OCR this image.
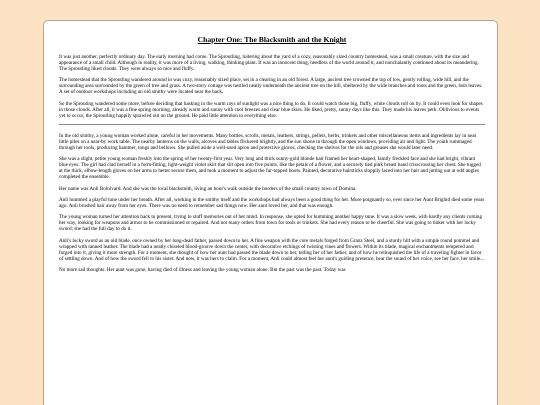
Chapter One: The Blacksmith and the Knight

It was just another, perfectly ordinary day. The early morning had come. The Sproutling, loitering about the yard of a cozy, reasonably sized country homestead, was a small creature, with the size and appearance of a small child. Although in reality, it was more of a living, walking, thinking plant. It was an innocent thing, heedless of the world around it, and nonchalantly continued about its meandering. The Sproutling liked clouds. They were always so nice and fluffy.

The homestead that the Sproutling wandered around in was cozy, reasonably sized place, set in a clearing in an old forest. A large, ancient tree crowned the top of low, gently rolling, wide hill, and the surrounding area surrounded by the green of tree and grass. A two-story cottage was nestled neatly underneath the ancient tree on the hill, sheltered by the wide branches and roots and the green, lush leaves. A set of outdoor workshops including an old smithy were located near the back.

So the Sprouting wandered some more, before deciding that basking in the warm rays of sunlight was a nice thing to do. It could watch those big, fluffy, white clouds roll on by. It could even look for shapes in those clouds. After all, it was a fine spring morning, already warm and sunny with cool breezes and clear blue skies. He liked, pretty, sunny days like this. They made his leaves perk. Oblivious to events yet to occur, the Sproutling happily sprawled out on the ground. He paid little attention to everything else.

In the old smithy, a young woman worked alone, careful in her movements. Many bottles, scrolls, metals, leathers, strings, pellets, herbs, trinkets and other miscellaneous items and ingredients lay in neat little piles on a near-by work table. The nearby lanterns on the walls, alcoves and tables flickered brightly, and the sun shone in through the open windows, providing air and light. The youth rummaged through her tools, producing hammer, tongs and bellows. She pulled aside a well-used apron and protective gloves, checking the shelves for the oils and greases she would later need.

She was a slight, petite young woman freshly into the spring of her twenty-first year. Very long and thick sunny-gold blonde hair framed her heart-shaped, faintly freckled face and she had bright, vibrant blue eyes. The girl had clad herself in a form-fitting, light-weight violet skirt that slit open into five points, like the petals of a flower, and a securely tied pink breast band crisscrossing her chest. She tugged at the thick, elbow-length gloves on her arms to better secure them, and took a moment to adjust the fur-topped boots. Painted, decorative hairsticks sloppily laced into her hair and jutting out at odd angles completed the ensemble.

Her name was Anli Bolnivard. And she was the local blacksmith, living an hour's walk outside the borders of the small country town of Domina.

Anli hummed a playful tune under her breath. After all, working in the smithy itself and the workshops had always been a good thing for her. More poignantly so, ever since her Aunt Brighid died some years ago. Anli brushed hair away from her eyes. There was no need to remember sad things now. Her aunt loved her, and that was enough.

The young woman turned her attention back to present, trying to stuff memories out of her mind. In response, she opted for humming another happy tune. It was a slow week, with hardly any clients coming her way, looking for weapons and armor to be commissioned or repaired. And not many orders from town for tools or trinkets. She had every reason to be cheerful. She was going to tinker with her lucky sword; she had the full day to do it.

Anli's lucky sword as an old blade, once owned by her long-dead father, passed down to her. A fine weapon with the core metals forged from Granz Steel, and a sturdy hilt with a simple round pommel and wrapped with tanned leather. The blade had a neatly chiseled blood-groove down the center, with decorative etchings of twisting vines and flowers. Within its blade, magical enchantments tempered and forged into it, giving it more strength. For a moment, she thought of how her aunt had passed the blade down to her, telling her of her father, and of how he relinquished the life of a traveling fighter in favor of settling down. And of how the sword fell to his sister. And now, it was hers to claim. For a moment, Anli could almost feel her aunt's guiding presence, hear the sound of her voice, see her face, her smile...

No more sad thoughts. Her aunt was gone, having died of illness and leaving the young woman alone. But the past was the past. Today was
